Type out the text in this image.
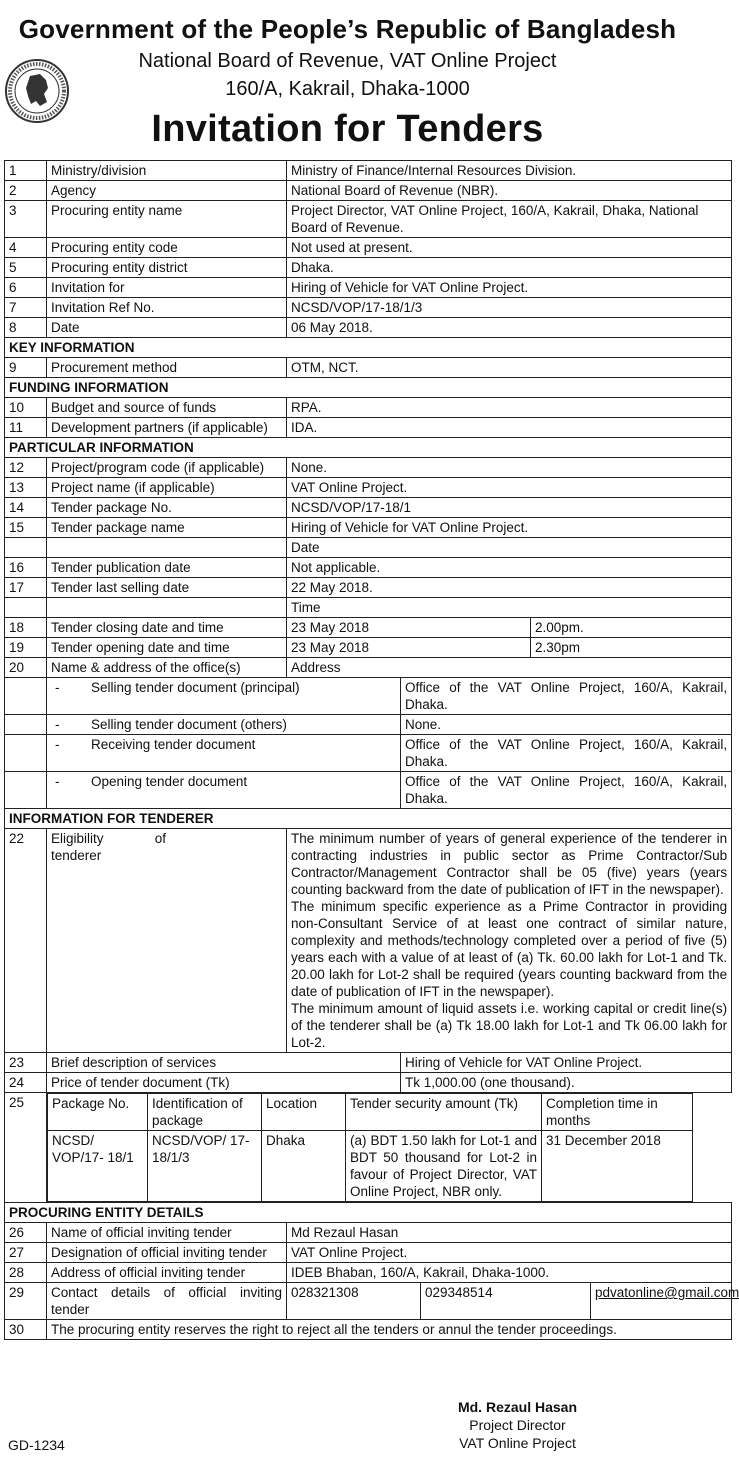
Government of the People’s Republic of Bangladesh
National Board of Revenue, VAT Online Project
160/A, Kakrail, Dhaka-1000
Invitation for Tenders
1	Ministry/division	Ministry of Finance/Internal Resources Division.
2	Agency	National Board of Revenue (NBR).
3	Procuring entity name	Project Director, VAT Online Project, 160/A, Kakrail, Dhaka, National Board of Revenue.
4	Procuring entity code	Not used at present.
5	Procuring entity district	Dhaka.
6	Invitation for	Hiring of Vehicle for VAT Online Project.
7	Invitation Ref No.	NCSD/VOP/17-18/1/3
8	Date	06 May 2018.
KEY INFORMATION
9	Procurement method	OTM, NCT.
FUNDING INFORMATION
10	Budget and source of funds	RPA.
11	Development partners (if applicable)	IDA.
PARTICULAR INFORMATION
12	Project/program code (if applicable)	None.
13	Project name (if applicable)	VAT Online Project.
14	Tender package No.	NCSD/VOP/17-18/1
15	Tender package name	Hiring of Vehicle for VAT Online Project.
		Date
16	Tender publication date	Not applicable.
17	Tender last selling date	22 May 2018.
		Time
18	Tender closing date and time	23 May 2018	2.00pm.
19	Tender opening date and time	23 May 2018	2.30pm
20	Name & address of the office(s)	Address
	- Selling tender document (principal)	Office of the VAT Online Project, 160/A, Kakrail, Dhaka.
	- Selling tender document (others)	None.
	- Receiving tender document	Office of the VAT Online Project, 160/A, Kakrail, Dhaka.
	- Opening tender document	Office of the VAT Online Project, 160/A, Kakrail, Dhaka.
INFORMATION FOR TENDERER
22	Eligibility of tenderer	
The minimum number of years of general experience of the tenderer in contracting industries in public sector as Prime Contractor/Sub Contractor/Management Contractor shall be 05 (five) years (years counting backward from the date of publication of IFT in the newspaper).
The minimum specific experience as a Prime Contractor in providing non-Consultant Service of at least one contract of similar nature, complexity and methods/technology completed over a period of five (5) years each with a value of at least of (a) Tk. 60.00 lakh for Lot-1 and Tk. 20.00 lakh for Lot-2 shall be required (years counting backward from the date of publication of IFT in the newspaper).
The minimum amount of liquid assets i.e. working capital or credit line(s) of the tenderer shall be (a) Tk 18.00 lakh for Lot-1 and Tk 06.00 lakh for Lot-2.

23	Brief description of services	Hiring of Vehicle for VAT Online Project.
24	Price of tender document (Tk)	Tk 1,000.00 (one thousand).
25	Package No.	Identification of package	Location	Tender security amount (Tk)	Completion time in months
NCSD/ VOP/17- 18/1	NCSD/VOP/ 17-18/1/3	Dhaka	(a) BDT 1.50 lakh for Lot-1 and BDT 50 thousand for Lot-2 in favour of Project Director, VAT Online Project, NBR only.	31 December 2018

PROCURING ENTITY DETAILS
26	Name of official inviting tender	Md Rezaul Hasan
27	Designation of official inviting tender	VAT Online Project.
28	Address of official inviting tender	IDEB Bhaban, 160/A, Kakrail, Dhaka-1000.
29	Contact details of official inviting tender	028321308	029348514	pdvatonline@gmail.com
30	The procuring entity reserves the right to reject all the tenders or annul the tender proceedings.
Md. Rezaul Hasan
Project Director
VAT Online Project
GD-1234
